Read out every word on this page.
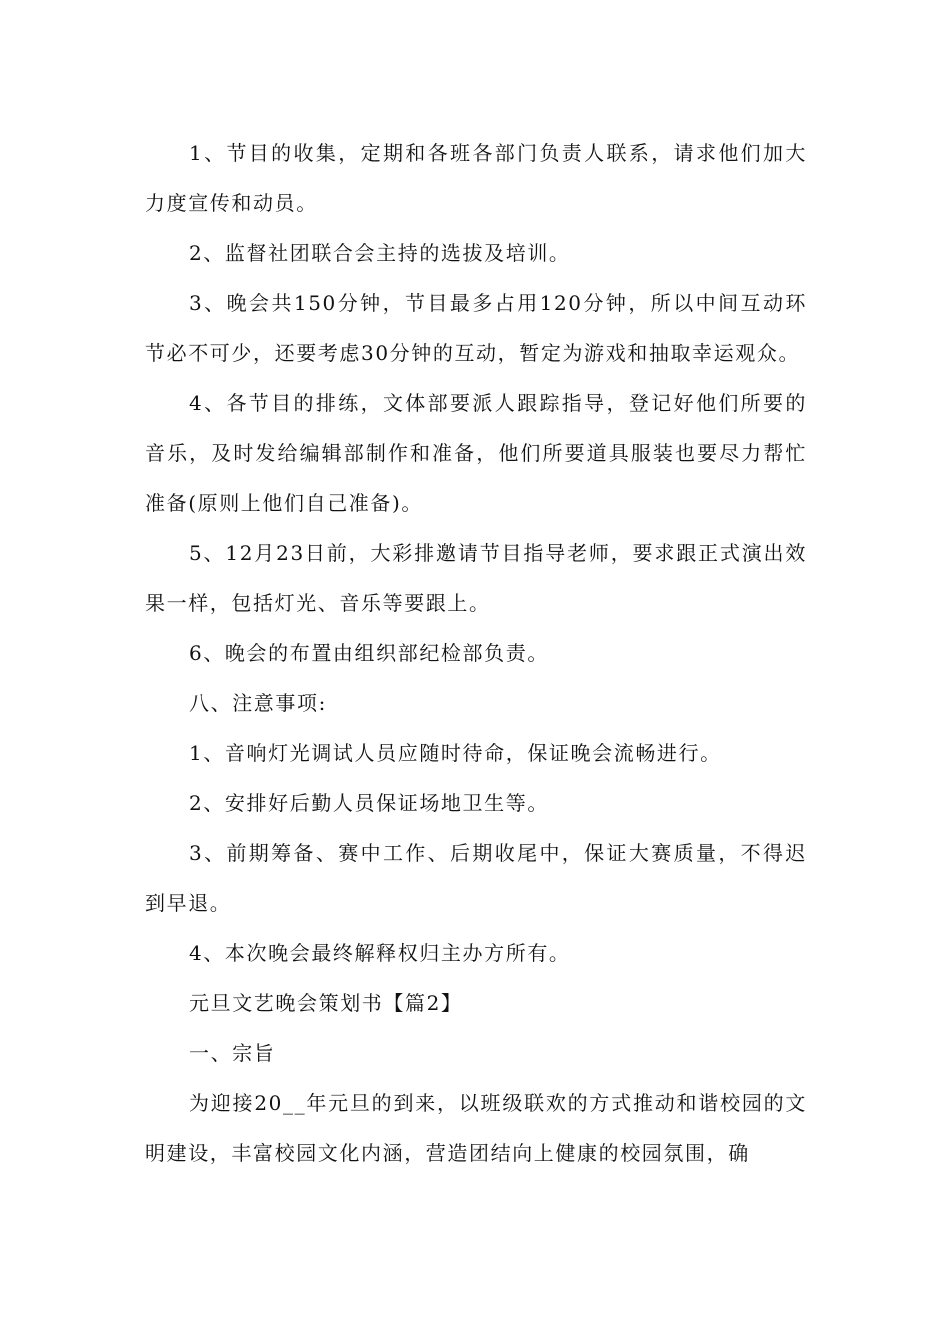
1、节目的收集，定期和各班各部门负责人联系，请求他们加大力度宣传和动员。

2、监督社团联合会主持的选拔及培训。

3、晚会共150分钟，节目最多占用120分钟，所以中间互动环节必不可少，还要考虑30分钟的互动，暂定为游戏和抽取幸运观众。

4、各节目的排练，文体部要派人跟踪指导，登记好他们所要的音乐，及时发给编辑部制作和准备，他们所要道具服装也要尽力帮忙准备(原则上他们自己准备)。

5、12月23日前，大彩排邀请节目指导老师，要求跟正式演出效果一样，包括灯光、音乐等要跟上。

6、晚会的布置由组织部纪检部负责。

八、注意事项:

1、音响灯光调试人员应随时待命，保证晚会流畅进行。

2、安排好后勤人员保证场地卫生等。

3、前期筹备、赛中工作、后期收尾中，保证大赛质量，不得迟到早退。

4、本次晚会最终解释权归主办方所有。

元旦文艺晚会策划书【篇2】

一、宗旨

为迎接20__年元旦的到来，以班级联欢的方式推动和谐校园的文明建设，丰富校园文化内涵，营造团结向上健康的校园氛围，确
